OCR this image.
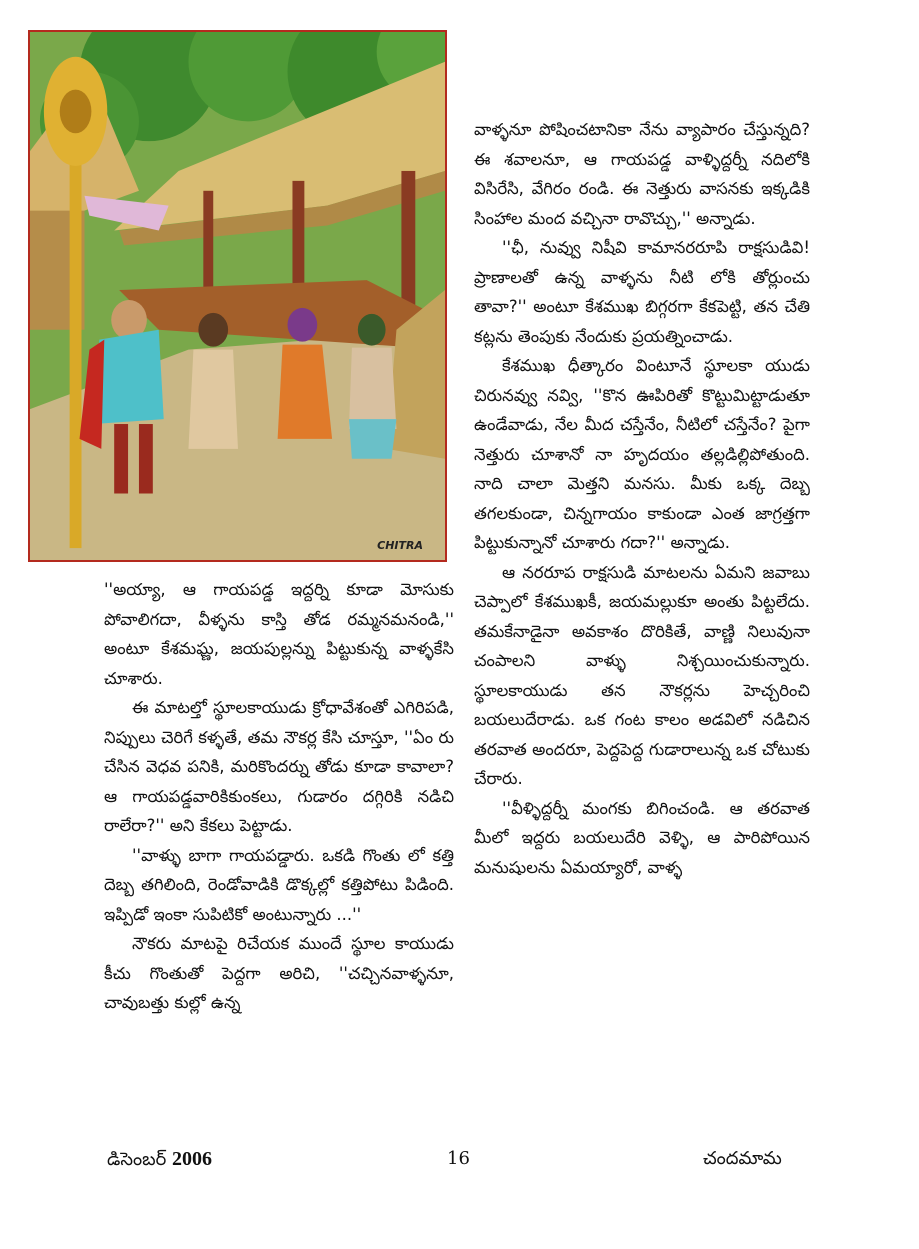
CHITRA

''అయ్యా, ఆ గాయపడ్డ ఇద్దర్ని కూడా మోసుకు పోవాలిగదా, వీళ్ళను కాస్తి తోడ రమ్మనమనండి,'' అంటూ కేశమఘ్ణ, జయపుల్లన్ను పిట్టుకున్న వాళ్ళకేసి చూశారు.

ఈ మాటల్తో స్థూలకాయుడు క్రోధావేశంతో ఎగిరిపడి, నిప్పులు చెరిగే కళ్ళతే, తమ నౌకర్ల కేసి చూస్తూ, ''ఏం రు చేసిన వెధవ పనికి, మరికొందర్ను తోడు కూడా కావాలా? ఆ గాయపడ్డవారికికుంకలు, గుడారం దగ్గిరికి నడిచి రాలేరా?'' అని కేకలు పెట్టాడు.

''వాళ్ళు బాగా గాయపడ్డారు. ఒకడి గొంతు లో కత్తి దెబ్బ తగిలింది, రెండోవాడికి డొక్కల్లో కత్తిపోటు పిడింది. ఇప్పిడో ఇంకా సుపిటికో అంటున్నారు ...''

నౌకరు మాటపై రిచేయక ముందే స్థూల కాయుడు కీచు గొంతుతో పెద్దగా అరిచి, ''చచ్చినవాళ్ళనూ, చావుబత్తు కుల్లో ఉన్న

వాళ్ళనూ పోషించటానికా నేను వ్యాపారం చేస్తున్నది? ఈ శవాలనూ, ఆ గాయపడ్డ వాళ్ళిద్దర్నీ నదిలోకి విసిరేసి, వేగిరం రండి. ఈ నెత్తురు వాసనకు ఇక్కడికి సింహాల మంద వచ్చినా రావొచ్చు,'' అన్నాడు.

''ఛీ, నువ్వు నిషీవి కామానరరూపి రాక్షసుడివి! ప్రాణాలతో ఉన్న వాళ్ళను నీటి లోకి తోర్లుంచు తావా?'' అంటూ కేశముఖ బిగ్గరగా కేకపెట్టి, తన చేతి కట్లను తెంపుకు నేందుకు ప్రయత్నించాడు.

కేశముఖ ధీత్కారం వింటూనే స్థూలకా యుడు చిరునవ్వు నవ్వి, ''కొన ఊపిరితో కొట్టుమిట్టాడుతూ ఉండేవాడు, నేల మీద చస్తేనేం, నీటిలో చస్తేనేం? పైగా నెత్తురు చూశానో నా హృదయం తల్లడిల్లిపోతుంది. నాది చాలా మెత్తని మనసు. మీకు ఒక్క దెబ్బ తగలకుండా, చిన్నగాయం కాకుండా ఎంత జాగ్రత్తగా పిట్టుకున్నానో చూశారు గదా?'' అన్నాడు.

ఆ నరరూప రాక్షసుడి మాటలను ఏమని జవాబు చెప్పాలో కేశముఖకీ, జయమల్లుకూ అంతు పిట్టలేదు. తమకేనాడైనా అవకాశం దొరికితే, వాణ్ణి నిలువునా చంపాలని వాళ్ళు నిశ్చయించుకున్నారు. స్థూలకాయుడు తన నౌకర్లను హెచ్చరించి బయలుదేరాడు. ఒక గంట కాలం అడవిలో నడిచిన తరవాత అందరూ, పెద్దపెద్ద గుడారాలున్న ఒక చోటుకు చేరారు.

''వీళ్ళిద్దర్నీ మంగకు బిగించండి. ఆ తరవాత మీలో ఇద్దరు బయలుదేరి వెళ్ళి, ఆ పారిపోయిన మనుషులను ఏమయ్యారో, వాళ్ళ

డిసెంబర్ 2006	16	చందమామ
